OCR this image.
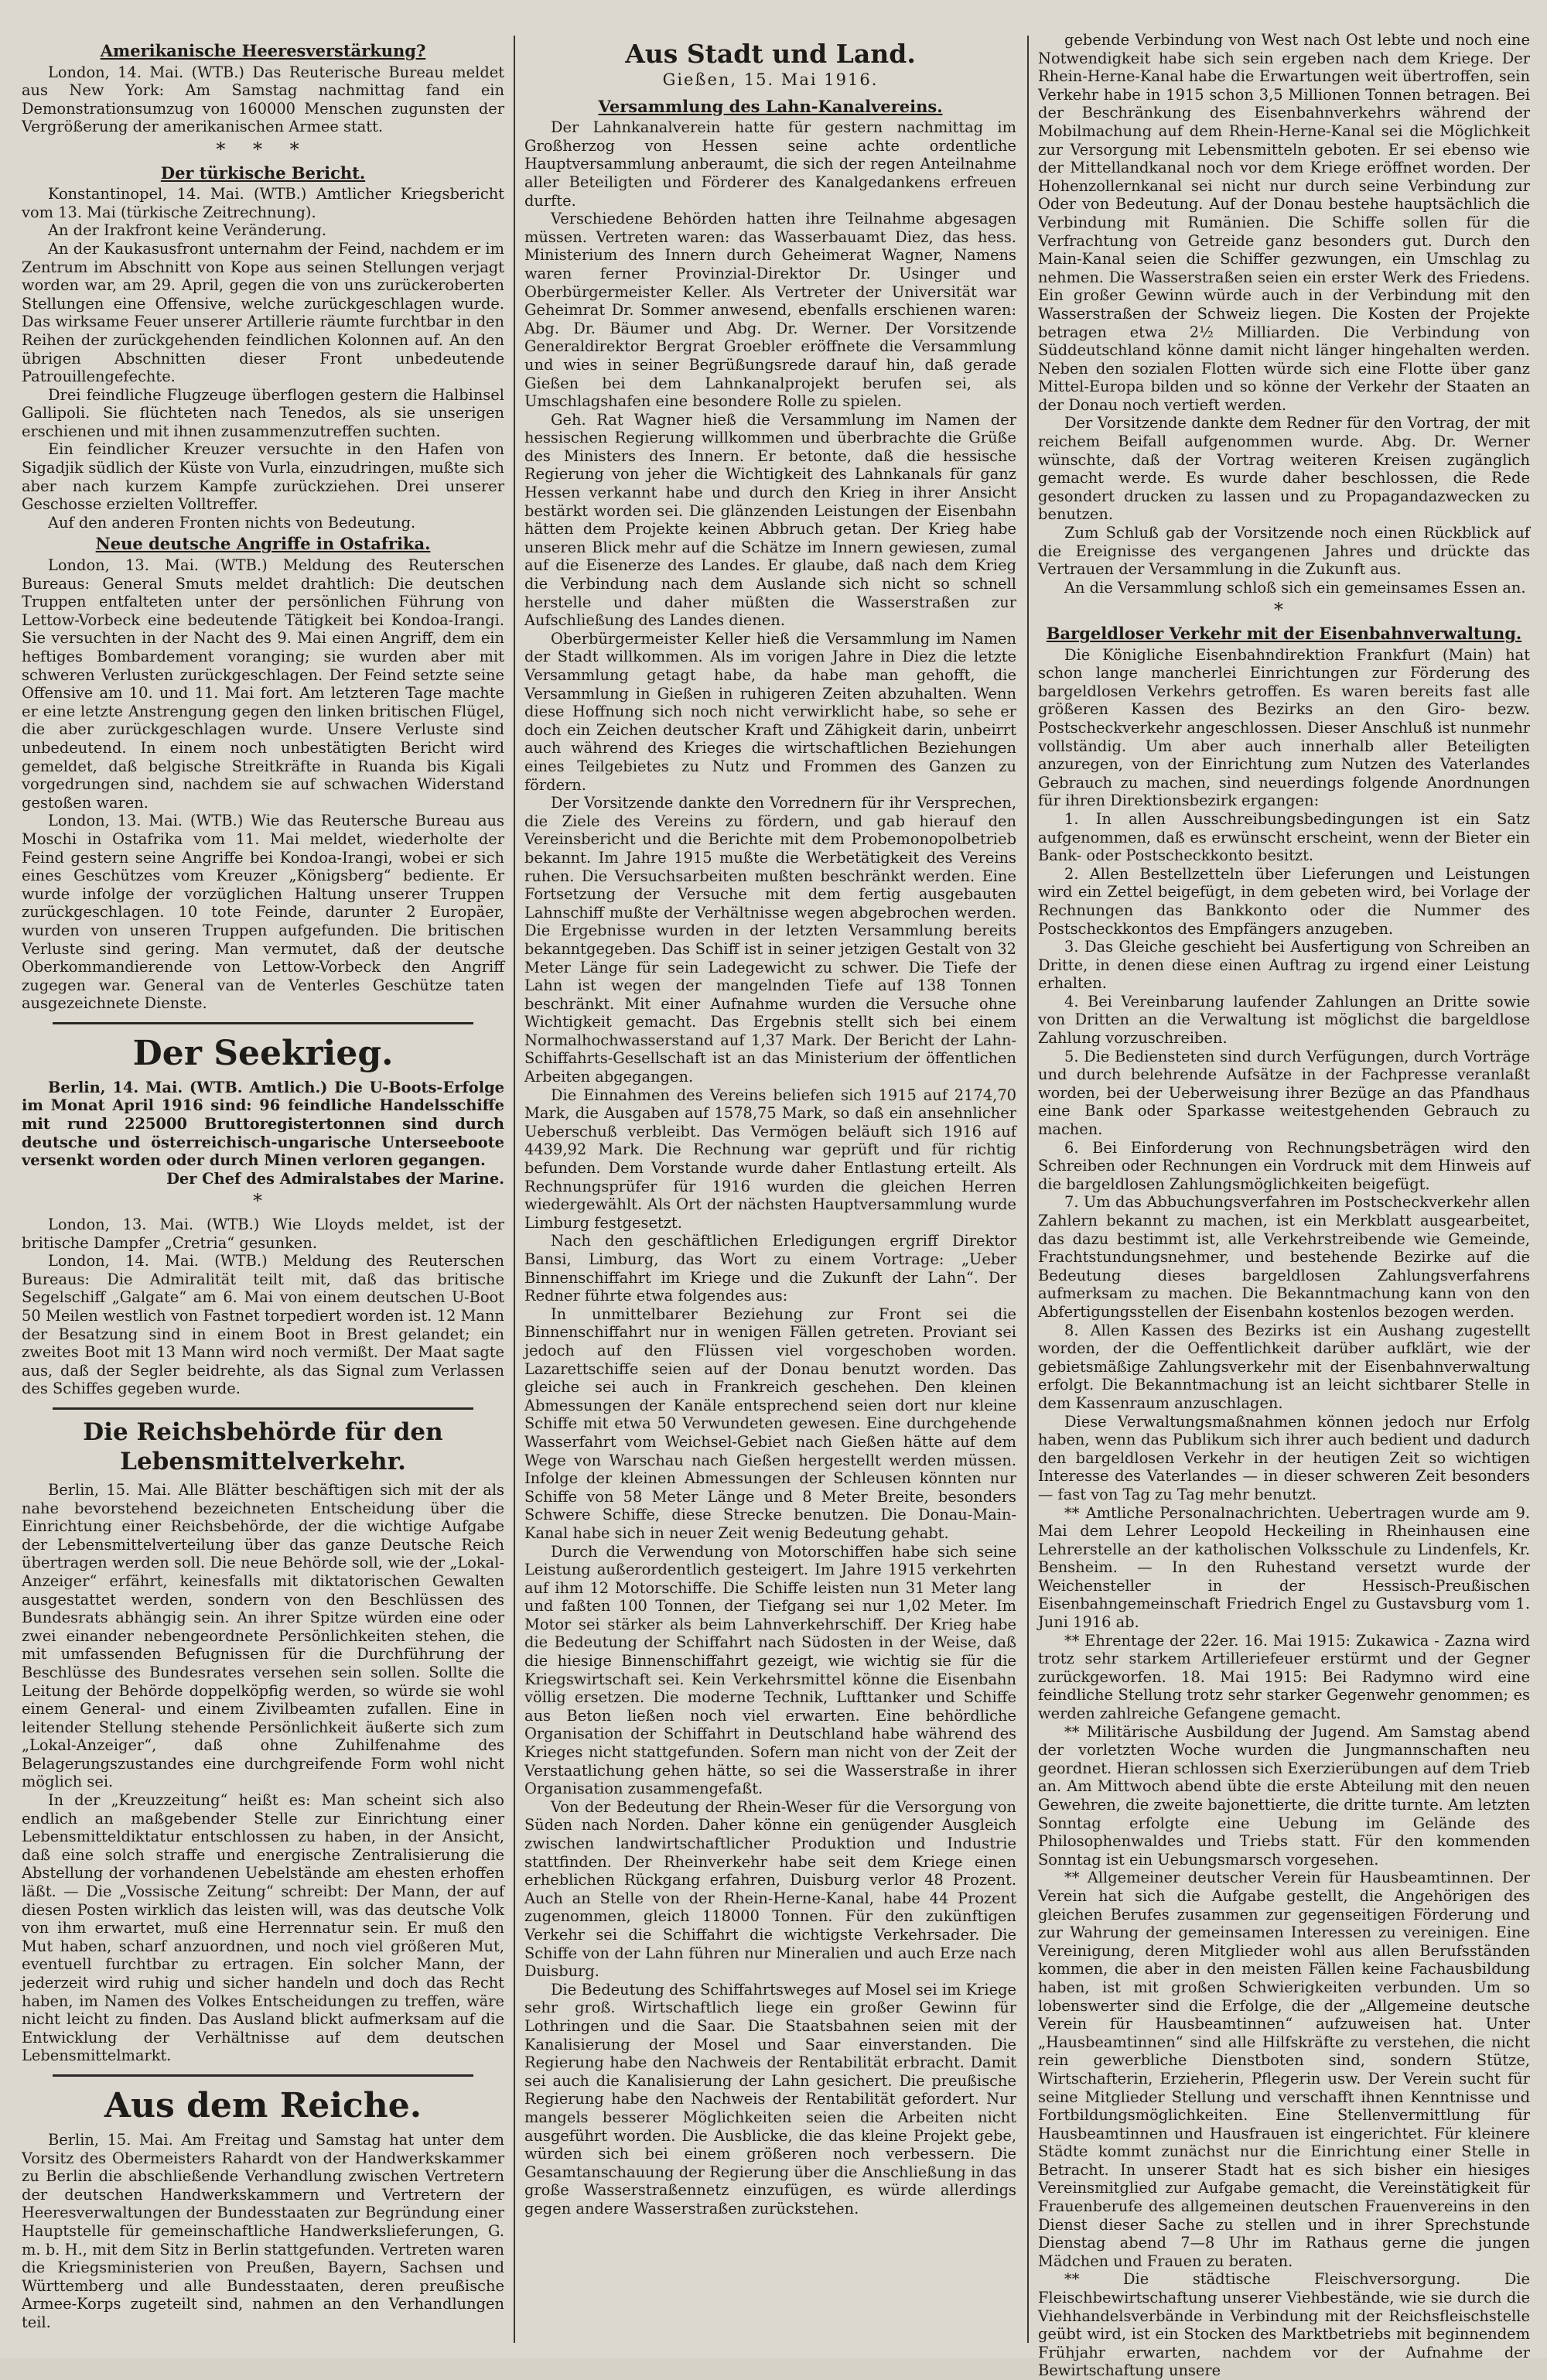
Amerikanische Heeresverstärkung?

London, 14. Mai. (WTB.) Das Reuterische Bureau meldet aus New York: Am Samstag nachmittag fand ein Demonstrationsumzug von 160000 Menschen zugunsten der Vergrößerung der amerikanischen Armee statt.

* * *
Der türkische Bericht.

Konstantinopel, 14. Mai. (WTB.) Amtlicher Kriegsbericht vom 13. Mai (türkische Zeitrechnung).

An der Irakfront keine Veränderung.

An der Kaukasusfront unternahm der Feind, nachdem er im Zentrum im Abschnitt von Kope aus seinen Stellungen verjagt worden war, am 29. April, gegen die von uns zurückeroberten Stellungen eine Offensive, welche zurückgeschlagen wurde. Das wirksame Feuer unserer Artillerie räumte furchtbar in den Reihen der zurückgehenden feindlichen Kolonnen auf. An den übrigen Abschnitten dieser Front unbedeutende Patrouillengefechte.

Drei feindliche Flugzeuge überflogen gestern die Halbinsel Gallipoli. Sie flüchteten nach Tenedos, als sie unserigen erschienen und mit ihnen zusammenzutreffen suchten.

Ein feindlicher Kreuzer versuchte in den Hafen von Sigadjik südlich der Küste von Vurla, einzudringen, mußte sich aber nach kurzem Kampfe zurückziehen. Drei unserer Geschosse erzielten Volltreffer.

Auf den anderen Fronten nichts von Bedeutung.

Neue deutsche Angriffe in Ostafrika.

London, 13. Mai. (WTB.) Meldung des Reuterschen Bureaus: General Smuts meldet drahtlich: Die deutschen Truppen entfalteten unter der persönlichen Führung von Lettow-Vorbeck eine bedeutende Tätigkeit bei Kondoa-Irangi. Sie versuchten in der Nacht des 9. Mai einen Angriff, dem ein heftiges Bombardement voranging; sie wurden aber mit schweren Verlusten zurückgeschlagen. Der Feind setzte seine Offensive am 10. und 11. Mai fort. Am letzteren Tage machte er eine letzte Anstrengung gegen den linken britischen Flügel, die aber zurückgeschlagen wurde. Unsere Verluste sind unbedeutend. In einem noch unbestätigten Bericht wird gemeldet, daß belgische Streitkräfte in Ruanda bis Kigali vorgedrungen sind, nachdem sie auf schwachen Widerstand gestoßen waren.

London, 13. Mai. (WTB.) Wie das Reutersche Bureau aus Moschi in Ostafrika vom 11. Mai meldet, wiederholte der Feind gestern seine Angriffe bei Kondoa-Irangi, wobei er sich eines Geschützes vom Kreuzer „Königsberg“ bediente. Er wurde infolge der vorzüglichen Haltung unserer Truppen zurückgeschlagen. 10 tote Feinde, darunter 2 Europäer, wurden von unseren Truppen aufgefunden. Die britischen Verluste sind gering. Man vermutet, daß der deutsche Oberkommandierende von Lettow-Vorbeck den Angriff zugegen war. General van de Venterles Geschütze taten ausgezeichnete Dienste.

Der Seekrieg.

Berlin, 14. Mai. (WTB. Amtlich.) Die U-Boots-Erfolge im Monat April 1916 sind: 96 feindliche Handelsschiffe mit rund 225000 Bruttoregistertonnen sind durch deutsche und österreichisch-ungarische Unterseeboote versenkt worden oder durch Minen verloren gegangen.

Der Chef des Admiralstabes der Marine.
*

London, 13. Mai. (WTB.) Wie Lloyds meldet, ist der britische Dampfer „Cretria“ gesunken.

London, 14. Mai. (WTB.) Meldung des Reuterschen Bureaus: Die Admiralität teilt mit, daß das britische Segelschiff „Galgate“ am 6. Mai von einem deutschen U-Boot 50 Meilen westlich von Fastnet torpediert worden ist. 12 Mann der Besatzung sind in einem Boot in Brest gelandet; ein zweites Boot mit 13 Mann wird noch vermißt. Der Maat sagte aus, daß der Segler beidrehte, als das Signal zum Verlassen des Schiffes gegeben wurde.

Die Reichsbehörde für den Lebensmittelverkehr.

Berlin, 15. Mai. Alle Blätter beschäftigen sich mit der als nahe bevorstehend bezeichneten Entscheidung über die Einrichtung einer Reichsbehörde, der die wichtige Aufgabe der Lebensmittelverteilung über das ganze Deutsche Reich übertragen werden soll. Die neue Behörde soll, wie der „Lokal-Anzeiger“ erfährt, keinesfalls mit diktatorischen Gewalten ausgestattet werden, sondern von den Beschlüssen des Bundesrats abhängig sein. An ihrer Spitze würden eine oder zwei einander nebengeordnete Persönlichkeiten stehen, die mit umfassenden Befugnissen für die Durchführung der Beschlüsse des Bundesrates versehen sein sollen. Sollte die Leitung der Behörde doppelköpfig werden, so würde sie wohl einem General- und einem Zivilbeamten zufallen. Eine in leitender Stellung stehende Persönlichkeit äußerte sich zum „Lokal-Anzeiger“, daß ohne Zuhilfenahme des Belagerungszustandes eine durchgreifende Form wohl nicht möglich sei.

In der „Kreuzzeitung“ heißt es: Man scheint sich also endlich an maßgebender Stelle zur Einrichtung einer Lebensmitteldiktatur entschlossen zu haben, in der Ansicht, daß eine solch straffe und energische Zentralisierung die Abstellung der vorhandenen Uebelstände am ehesten erhoffen läßt. — Die „Vossische Zeitung“ schreibt: Der Mann, der auf diesen Posten wirklich das leisten will, was das deutsche Volk von ihm erwartet, muß eine Herrennatur sein. Er muß den Mut haben, scharf anzuordnen, und noch viel größeren Mut, eventuell furchtbar zu ertragen. Ein solcher Mann, der jederzeit wird ruhig und sicher handeln und doch das Recht haben, im Namen des Volkes Entscheidungen zu treffen, wäre nicht leicht zu finden. Das Ausland blickt aufmerksam auf die Entwicklung der Verhältnisse auf dem deutschen Lebensmittelmarkt.

Aus dem Reiche.

Berlin, 15. Mai. Am Freitag und Samstag hat unter dem Vorsitz des Obermeisters Rahardt von der Handwerkskammer zu Berlin die abschließende Verhandlung zwischen Vertretern der deutschen Handwerkskammern und Vertretern der Heeresverwaltungen der Bundesstaaten zur Begründung einer Hauptstelle für gemeinschaftliche Handwerkslieferungen, G. m. b. H., mit dem Sitz in Berlin stattgefunden. Vertreten waren die Kriegsministerien von Preußen, Bayern, Sachsen und Württemberg und alle Bundesstaaten, deren preußische Armee-Korps zugeteilt sind, nahmen an den Verhandlungen teil.

Aus Stadt und Land.
Gießen, 15. Mai 1916.
Versammlung des Lahn-Kanalvereins.

Der Lahnkanalverein hatte für gestern nachmittag im Großherzog von Hessen seine achte ordentliche Hauptversammlung anberaumt, die sich der regen Anteilnahme aller Beteiligten und Förderer des Kanalgedankens erfreuen durfte.

Verschiedene Behörden hatten ihre Teilnahme abgesagen müssen. Vertreten waren: das Wasserbauamt Diez, das hess. Ministerium des Innern durch Geheimerat Wagner, Namens waren ferner Provinzial-Direktor Dr. Usinger und Oberbürgermeister Keller. Als Vertreter der Universität war Geheimrat Dr. Sommer anwesend, ebenfalls erschienen waren: Abg. Dr. Bäumer und Abg. Dr. Werner. Der Vorsitzende Generaldirektor Bergrat Groebler eröffnete die Versammlung und wies in seiner Begrüßungsrede darauf hin, daß gerade Gießen bei dem Lahnkanalprojekt berufen sei, als Umschlagshafen eine besondere Rolle zu spielen.

Geh. Rat Wagner hieß die Versammlung im Namen der hessischen Regierung willkommen und überbrachte die Grüße des Ministers des Innern. Er betonte, daß die hessische Regierung von jeher die Wichtigkeit des Lahnkanals für ganz Hessen verkannt habe und durch den Krieg in ihrer Ansicht bestärkt worden sei. Die glänzenden Leistungen der Eisenbahn hätten dem Projekte keinen Abbruch getan. Der Krieg habe unseren Blick mehr auf die Schätze im Innern gewiesen, zumal auf die Eisenerze des Landes. Er glaube, daß nach dem Krieg die Verbindung nach dem Auslande sich nicht so schnell herstelle und daher müßten die Wasserstraßen zur Aufschließung des Landes dienen.

Oberbürgermeister Keller hieß die Versammlung im Namen der Stadt willkommen. Als im vorigen Jahre in Diez die letzte Versammlung getagt habe, da habe man gehofft, die Versammlung in Gießen in ruhigeren Zeiten abzuhalten. Wenn diese Hoffnung sich noch nicht verwirklicht habe, so sehe er doch ein Zeichen deutscher Kraft und Zähigkeit darin, unbeirrt auch während des Krieges die wirtschaftlichen Beziehungen eines Teilgebietes zu Nutz und Frommen des Ganzen zu fördern.

Der Vorsitzende dankte den Vorrednern für ihr Versprechen, die Ziele des Vereins zu fördern, und gab hierauf den Vereinsbericht und die Berichte mit dem Probemonopolbetrieb bekannt. Im Jahre 1915 mußte die Werbetätigkeit des Vereins ruhen. Die Versuchsarbeiten mußten beschränkt werden. Eine Fortsetzung der Versuche mit dem fertig ausgebauten Lahnschiff mußte der Verhältnisse wegen abgebrochen werden. Die Ergebnisse wurden in der letzten Versammlung bereits bekanntgegeben. Das Schiff ist in seiner jetzigen Gestalt von 32 Meter Länge für sein Ladegewicht zu schwer. Die Tiefe der Lahn ist wegen der mangelnden Tiefe auf 138 Tonnen beschränkt. Mit einer Aufnahme wurden die Versuche ohne Wichtigkeit gemacht. Das Ergebnis stellt sich bei einem Normalhochwasserstand auf 1,37 Mark. Der Bericht der Lahn-Schiffahrts-Gesellschaft ist an das Ministerium der öffentlichen Arbeiten abgegangen.

Die Einnahmen des Vereins beliefen sich 1915 auf 2174,70 Mark, die Ausgaben auf 1578,75 Mark, so daß ein ansehnlicher Ueberschuß verbleibt. Das Vermögen beläuft sich 1916 auf 4439,92 Mark. Die Rechnung war geprüft und für richtig befunden. Dem Vorstande wurde daher Entlastung erteilt. Als Rechnungsprüfer für 1916 wurden die gleichen Herren wiedergewählt. Als Ort der nächsten Hauptversammlung wurde Limburg festgesetzt.

Nach den geschäftlichen Erledigungen ergriff Direktor Bansi, Limburg, das Wort zu einem Vortrage: „Ueber Binnenschiffahrt im Kriege und die Zukunft der Lahn“. Der Redner führte etwa folgendes aus:

In unmittelbarer Beziehung zur Front sei die Binnenschiffahrt nur in wenigen Fällen getreten. Proviant sei jedoch auf den Flüssen viel vorgeschoben worden. Lazarettschiffe seien auf der Donau benutzt worden. Das gleiche sei auch in Frankreich geschehen. Den kleinen Abmessungen der Kanäle entsprechend seien dort nur kleine Schiffe mit etwa 50 Verwundeten gewesen. Eine durchgehende Wasserfahrt vom Weichsel-Gebiet nach Gießen hätte auf dem Wege von Warschau nach Gießen hergestellt werden müssen. Infolge der kleinen Abmessungen der Schleusen könnten nur Schiffe von 58 Meter Länge und 8 Meter Breite, besonders Schwere Schiffe, diese Strecke benutzen. Die Donau-Main-Kanal habe sich in neuer Zeit wenig Bedeutung gehabt.

Durch die Verwendung von Motorschiffen habe sich seine Leistung außerordentlich gesteigert. Im Jahre 1915 verkehrten auf ihm 12 Motorschiffe. Die Schiffe leisten nun 31 Meter lang und faßten 100 Tonnen, der Tiefgang sei nur 1,02 Meter. Im Motor sei stärker als beim Lahnverkehrschiff. Der Krieg habe die Bedeutung der Schiffahrt nach Südosten in der Weise, daß die hiesige Binnenschiffahrt gezeigt, wie wichtig sie für die Kriegswirtschaft sei. Kein Verkehrsmittel könne die Eisenbahn völlig ersetzen. Die moderne Technik, Lufttanker und Schiffe aus Beton ließen noch viel erwarten. Eine behördliche Organisation der Schiffahrt in Deutschland habe während des Krieges nicht stattgefunden. Sofern man nicht von der Zeit der Verstaatlichung gehen hätte, so sei die Wasserstraße in ihrer Organisation zusammengefaßt.

Von der Bedeutung der Rhein-Weser für die Versorgung von Süden nach Norden. Daher könne ein genügender Ausgleich zwischen landwirtschaftlicher Produktion und Industrie stattfinden. Der Rheinverkehr habe seit dem Kriege einen erheblichen Rückgang erfahren, Duisburg verlor 48 Prozent. Auch an Stelle von der Rhein-Herne-Kanal, habe 44 Prozent zugenommen, gleich 118000 Tonnen. Für den zukünftigen Verkehr sei die Schiffahrt die wichtigste Verkehrsader. Die Schiffe von der Lahn führen nur Mineralien und auch Erze nach Duisburg.

Die Bedeutung des Schiffahrtsweges auf Mosel sei im Kriege sehr groß. Wirtschaftlich liege ein großer Gewinn für Lothringen und die Saar. Die Staatsbahnen seien mit der Kanalisierung der Mosel und Saar einverstanden. Die Regierung habe den Nachweis der Rentabilität erbracht. Damit sei auch die Kanalisierung der Lahn gesichert. Die preußische Regierung habe den Nachweis der Rentabilität gefordert. Nur mangels besserer Möglichkeiten seien die Arbeiten nicht ausgeführt worden. Die Ausblicke, die das kleine Projekt gebe, würden sich bei einem größeren noch verbessern. Die Gesamtanschauung der Regierung über die Anschließung in das große Wasserstraßennetz einzufügen, es würde allerdings gegen andere Wasserstraßen zurückstehen.

gebende Verbindung von West nach Ost lebte und noch eine Notwendigkeit habe sich sein ergeben nach dem Kriege. Der Rhein-Herne-Kanal habe die Erwartungen weit übertroffen, sein Verkehr habe in 1915 schon 3,5 Millionen Tonnen betragen. Bei der Beschränkung des Eisenbahnverkehrs während der Mobilmachung auf dem Rhein-Herne-Kanal sei die Möglichkeit zur Versorgung mit Lebensmitteln geboten. Er sei ebenso wie der Mittellandkanal noch vor dem Kriege eröffnet worden. Der Hohenzollernkanal sei nicht nur durch seine Verbindung zur Oder von Bedeutung. Auf der Donau bestehe hauptsächlich die Verbindung mit Rumänien. Die Schiffe sollen für die Verfrachtung von Getreide ganz besonders gut. Durch den Main-Kanal seien die Schiffer gezwungen, ein Umschlag zu nehmen. Die Wasserstraßen seien ein erster Werk des Friedens. Ein großer Gewinn würde auch in der Verbindung mit den Wasserstraßen der Schweiz liegen. Die Kosten der Projekte betragen etwa 2½ Milliarden. Die Verbindung von Süddeutschland könne damit nicht länger hingehalten werden. Neben den sozialen Flotten würde sich eine Flotte über ganz Mittel-Europa bilden und so könne der Verkehr der Staaten an der Donau noch vertieft werden.

Der Vorsitzende dankte dem Redner für den Vortrag, der mit reichem Beifall aufgenommen wurde. Abg. Dr. Werner wünschte, daß der Vortrag weiteren Kreisen zugänglich gemacht werde. Es wurde daher beschlossen, die Rede gesondert drucken zu lassen und zu Propagandazwecken zu benutzen.

Zum Schluß gab der Vorsitzende noch einen Rückblick auf die Ereignisse des vergangenen Jahres und drückte das Vertrauen der Versammlung in die Zukunft aus.

An die Versammlung schloß sich ein gemeinsames Essen an.

*
Bargeldloser Verkehr mit der Eisenbahnverwaltung.

Die Königliche Eisenbahndirektion Frankfurt (Main) hat schon lange mancherlei Einrichtungen zur Förderung des bargeldlosen Verkehrs getroffen. Es waren bereits fast alle größeren Kassen des Bezirks an den Giro- bezw. Postscheckverkehr angeschlossen. Dieser Anschluß ist nunmehr vollständig. Um aber auch innerhalb aller Beteiligten anzuregen, von der Einrichtung zum Nutzen des Vaterlandes Gebrauch zu machen, sind neuerdings folgende Anordnungen für ihren Direktionsbezirk ergangen:

1. In allen Ausschreibungsbedingungen ist ein Satz aufgenommen, daß es erwünscht erscheint, wenn der Bieter ein Bank- oder Postscheckkonto besitzt.

2. Allen Bestellzetteln über Lieferungen und Leistungen wird ein Zettel beigefügt, in dem gebeten wird, bei Vorlage der Rechnungen das Bankkonto oder die Nummer des Postscheckkontos des Empfängers anzugeben.

3. Das Gleiche geschieht bei Ausfertigung von Schreiben an Dritte, in denen diese einen Auftrag zu irgend einer Leistung erhalten.

4. Bei Vereinbarung laufender Zahlungen an Dritte sowie von Dritten an die Verwaltung ist möglichst die bargeldlose Zahlung vorzuschreiben.

5. Die Bediensteten sind durch Verfügungen, durch Vorträge und durch belehrende Aufsätze in der Fachpresse veranlaßt worden, bei der Ueberweisung ihrer Bezüge an das Pfandhaus eine Bank oder Sparkasse weitestgehenden Gebrauch zu machen.

6. Bei Einforderung von Rechnungsbeträgen wird den Schreiben oder Rechnungen ein Vordruck mit dem Hinweis auf die bargeldlosen Zahlungsmöglichkeiten beigefügt.

7. Um das Abbuchungsverfahren im Postscheckverkehr allen Zahlern bekannt zu machen, ist ein Merkblatt ausgearbeitet, das dazu bestimmt ist, alle Verkehrstreibende wie Gemeinde, Frachtstundungsnehmer, und bestehende Bezirke auf die Bedeutung dieses bargeldlosen Zahlungsverfahrens aufmerksam zu machen. Die Bekanntmachung kann von den Abfertigungsstellen der Eisenbahn kostenlos bezogen werden.

8. Allen Kassen des Bezirks ist ein Aushang zugestellt worden, der die Oeffentlichkeit darüber aufklärt, wie der gebietsmäßige Zahlungsverkehr mit der Eisenbahnverwaltung erfolgt. Die Bekanntmachung ist an leicht sichtbarer Stelle in dem Kassenraum anzuschlagen.

Diese Verwaltungsmaßnahmen können jedoch nur Erfolg haben, wenn das Publikum sich ihrer auch bedient und dadurch den bargeldlosen Verkehr in der heutigen Zeit so wichtigen Interesse des Vaterlandes — in dieser schweren Zeit besonders — fast von Tag zu Tag mehr benutzt.

** Amtliche Personalnachrichten. Uebertragen wurde am 9. Mai dem Lehrer Leopold Heckeiling in Rheinhausen eine Lehrerstelle an der katholischen Volksschule zu Lindenfels, Kr. Bensheim. — In den Ruhestand versetzt wurde der Weichensteller in der Hessisch-Preußischen Eisenbahngemeinschaft Friedrich Engel zu Gustavsburg vom 1. Juni 1916 ab.

** Ehrentage der 22er. 16. Mai 1915: Zukawica - Zazna wird trotz sehr starkem Artilleriefeuer erstürmt und der Gegner zurückgeworfen. 18. Mai 1915: Bei Radymno wird eine feindliche Stellung trotz sehr starker Gegenwehr genommen; es werden zahlreiche Gefangene gemacht.

** Militärische Ausbildung der Jugend. Am Samstag abend der vorletzten Woche wurden die Jungmannschaften neu geordnet. Hieran schlossen sich Exerzierübungen auf dem Trieb an. Am Mittwoch abend übte die erste Abteilung mit den neuen Gewehren, die zweite bajonettierte, die dritte turnte. Am letzten Sonntag erfolgte eine Uebung im Gelände des Philosophenwaldes und Triebs statt. Für den kommenden Sonntag ist ein Uebungsmarsch vorgesehen.

** Allgemeiner deutscher Verein für Hausbeamtinnen. Der Verein hat sich die Aufgabe gestellt, die Angehörigen des gleichen Berufes zusammen zur gegenseitigen Förderung und zur Wahrung der gemeinsamen Interessen zu vereinigen. Eine Vereinigung, deren Mitglieder wohl aus allen Berufsständen kommen, die aber in den meisten Fällen keine Fachausbildung haben, ist mit großen Schwierigkeiten verbunden. Um so lobenswerter sind die Erfolge, die der „Allgemeine deutsche Verein für Hausbeamtinnen“ aufzuweisen hat. Unter „Hausbeamtinnen“ sind alle Hilfskräfte zu verstehen, die nicht rein gewerbliche Dienstboten sind, sondern Stütze, Wirtschafterin, Erzieherin, Pflegerin usw. Der Verein sucht für seine Mitglieder Stellung und verschafft ihnen Kenntnisse und Fortbildungsmöglichkeiten. Eine Stellenvermittlung für Hausbeamtinnen und Hausfrauen ist eingerichtet. Für kleinere Städte kommt zunächst nur die Einrichtung einer Stelle in Betracht. In unserer Stadt hat es sich bisher ein hiesiges Vereinsmitglied zur Aufgabe gemacht, die Vereinstätigkeit für Frauenberufe des allgemeinen deutschen Frauenvereins in den Dienst dieser Sache zu stellen und in ihrer Sprechstunde Dienstag abend 7—8 Uhr im Rathaus gerne die jungen Mädchen und Frauen zu beraten.

** Die städtische Fleischversorgung. Die Fleischbewirtschaftung unserer Viehbestände, wie sie durch die Viehhandelsverbände in Verbindung mit der Reichsfleischstelle geübt wird, ist ein Stocken des Marktbetriebs mit beginnendem Frühjahr erwarten, nachdem vor der Aufnahme der Bewirtschaftung unsere
